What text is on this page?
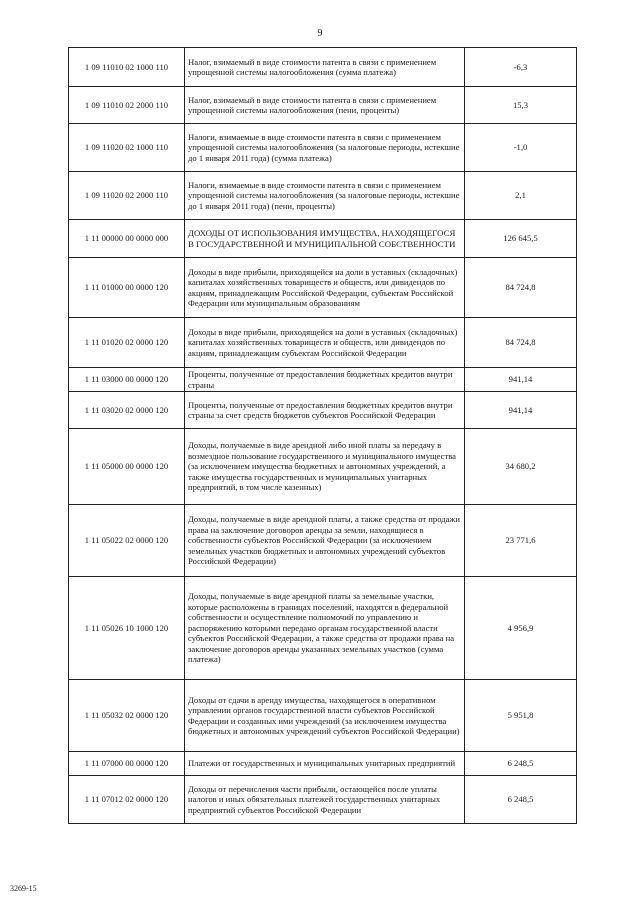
9
1 09 11010 02 1000 110	Налог, взимаемый в виде стоимости патента в связи с применением упрощенной системы налогообложения (сумма платежа)	-6,3
1 09 11010 02 2000 110	Налог, взимаемый в виде стоимости патента в связи с применением упрощенной системы налогообложения (пени, проценты)	15,3
1 09 11020 02 1000 110	Налоги, взимаемые в виде стоимости патента в связи с применением упрощенной системы налогообложения (за налоговые периоды, истекшие до 1 января 2011 года) (сумма платежа)	-1,0
1 09 11020 02 2000 110	Налоги, взимаемые в виде стоимости патента в связи с применением упрощенной системы налогообложения (за налоговые периоды, истекшие до 1 января 2011 года) (пени, проценты)	2,1
1 11 00000 00 0000 000	ДОХОДЫ ОТ ИСПОЛЬЗОВАНИЯ ИМУЩЕСТВА, НАХОДЯЩЕГОСЯ В ГОСУДАРСТВЕННОЙ И МУНИЦИПАЛЬНОЙ СОБСТВЕННОСТИ	126 645,5
1 11 01000 00 0000 120	Доходы в виде прибыли, приходящейся на доли в уставных (складочных) капиталах хозяйственных товариществ и обществ, или дивидендов по акциям, принадлежащим Российской Федерации, субъектам Российской Федерации или муниципальным образованиям	84 724,8
1 11 01020 02 0000 120	Доходы в виде прибыли, приходящейся на доли в уставных (складочных) капиталах хозяйственных товариществ и обществ, или дивидендов по акциям, принадлежащим субъектам Российской Федерации	84 724,8
1 11 03000 00 0000 120	Проценты, полученные от предоставления бюджетных кредитов внутри страны	941,14
1 11 03020 02 0000 120	Проценты, полученные от предоставления бюджетных кредитов внутри страны за счет средств бюджетов субъектов Российской Федерации	941,14
1 11 05000 00 0000 120	Доходы, получаемые в виде арендной либо иной платы за передачу в возмездное пользование государственного и муниципального имущества (за исключением имущества бюджетных и автономных учреждений, а также имущества государственных и муниципальных унитарных предприятий, в том числе казенных)	34 680,2
1 11 05022 02 0000 120	Доходы, получаемые в виде арендной платы, а также средства от продажи права на заключение договоров аренды за земли, находящиеся в собственности субъектов Российской Федерации (за исключением земельных участков бюджетных и автономных учреждений субъектов Российской Федерации)	23 771,6
1 11 05026 10 1000 120	Доходы, получаемые в виде арендной платы за земельные участки, которые расположены в границах поселений, находятся в федеральной собственности и осуществление полномочий по управлению и распоряжению которыми передано органам государственной власти субъектов Российской Федерации, а также средства от продажи права на заключение договоров аренды указанных земельных участков (сумма платежа)	4 956,9
1 11 05032 02 0000 120	Доходы от сдачи в аренду имущества, находящегося в оперативном управлении органов государственной власти субъектов Российской Федерации и созданных ими учреждений (за исключением имущества бюджетных и автономных учреждений субъектов Российской Федерации)	5 951,8
1 11 07000 00 0000 120	Платежи от государственных и муниципальных унитарных предприятий	6 248,5
1 11 07012 02 0000 120	Доходы от перечисления части прибыли, остающейся после уплаты налогов и иных обязательных платежей государственных унитарных предприятий субъектов Российской Федерации	6 248,5
3269-15
